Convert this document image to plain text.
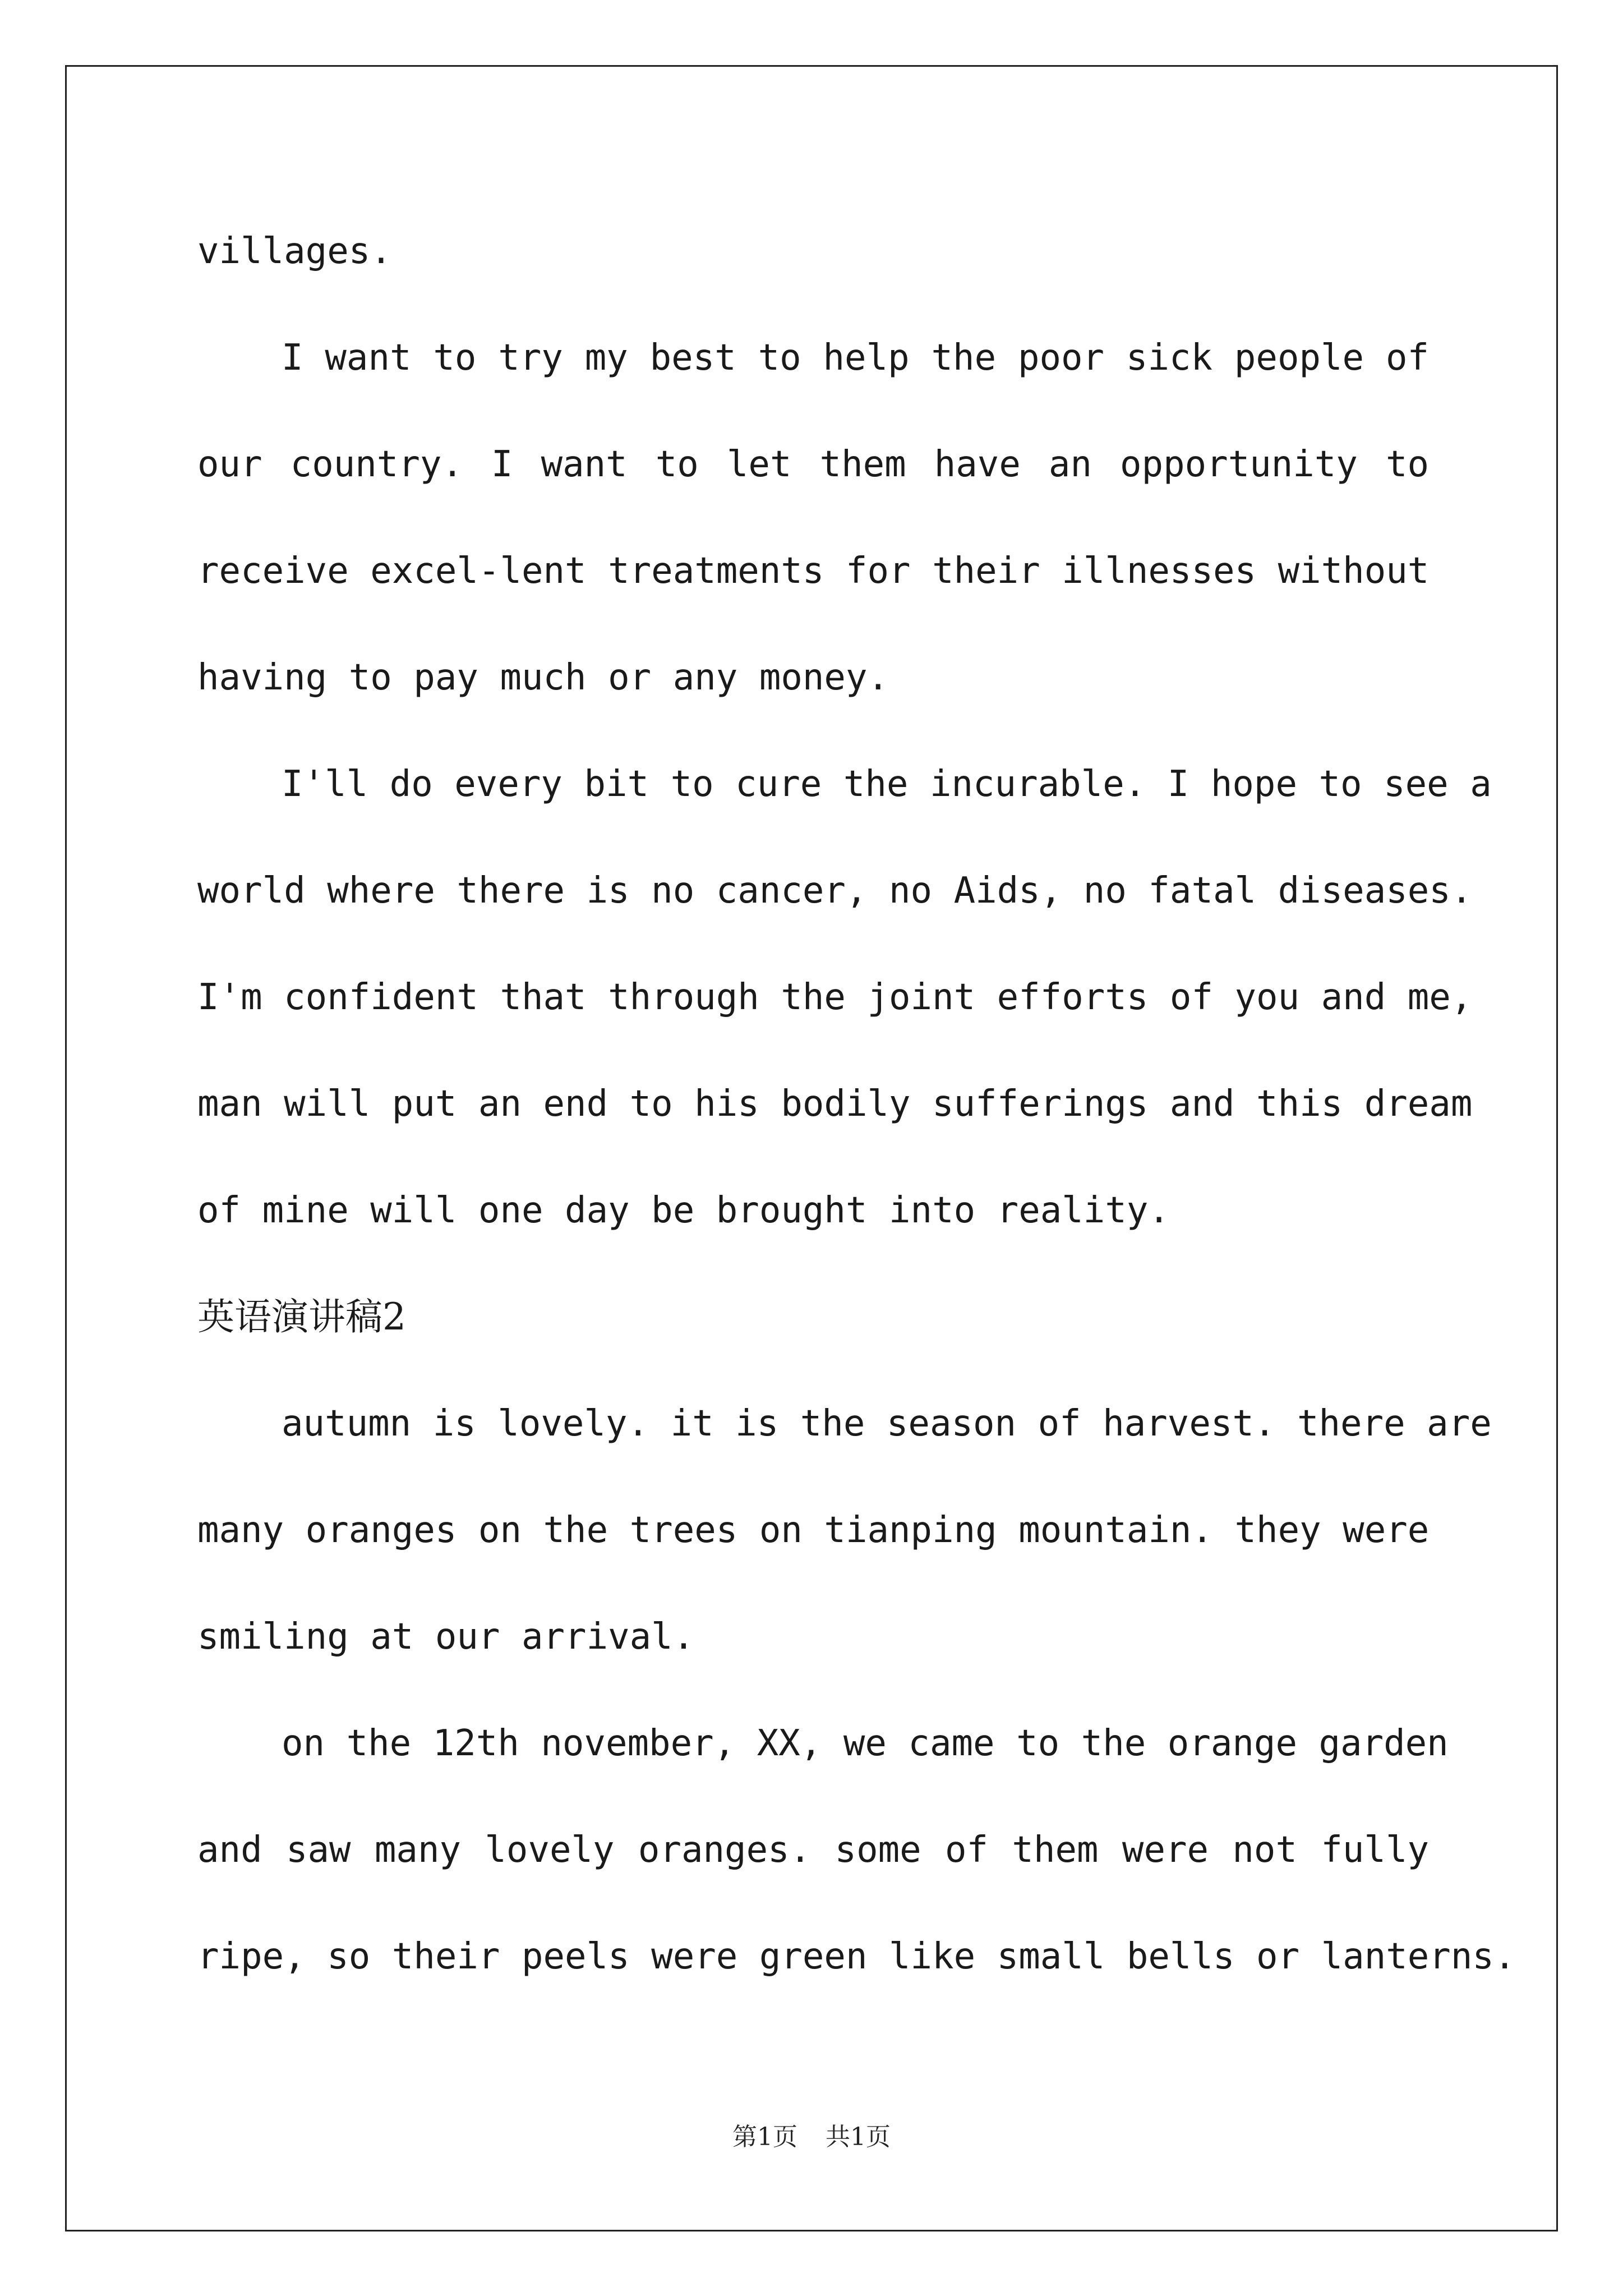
villages.
I want to try my best to help the poor sick people of
our country. I want to let them have an opportunity to
receive excel-lent treatments for their illnesses without
having to pay much or any money.
I'll do every bit to cure the incurable. I hope to see a
world where there is no cancer, no Aids, no fatal diseases.
I'm confident that through the joint efforts of you and me,
man will put an end to his bodily sufferings and this dream
of mine will one day be brought into reality.
英语演讲稿2
autumn is lovely. it is the season of harvest. there are
many oranges on the trees on tianping mountain. they were
smiling at our arrival.
on the 12th november, XX, we came to the orange garden
and saw many lovely oranges. some of them were not fully
ripe, so their peels were green like small bells or lanterns.
第1页 共1页
